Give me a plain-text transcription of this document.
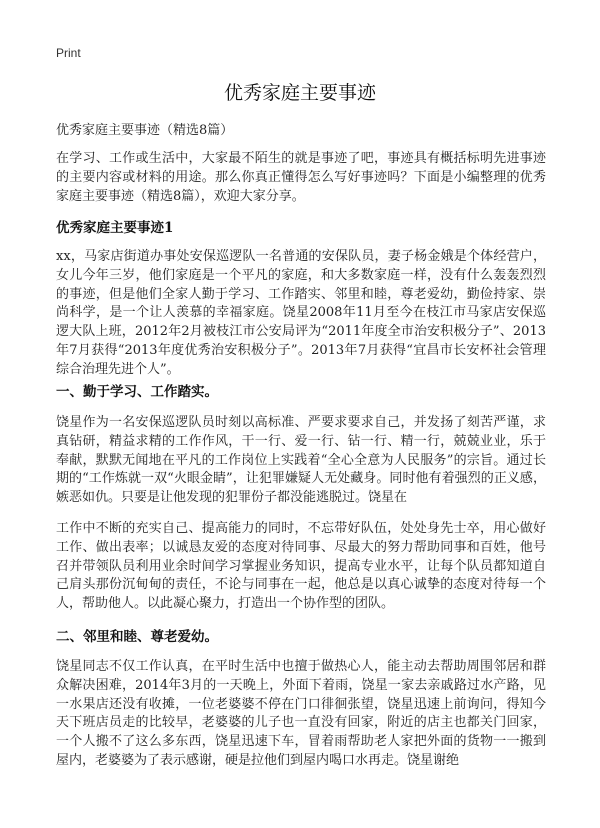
Print
优秀家庭主要事迹
优秀家庭主要事迹（精选8篇）
在学习、工作或生活中，大家最不陌生的就是事迹了吧，事迹具有概括标明先进事迹的主要内容或材料的用途。那么你真正懂得怎么写好事迹吗？下面是小编整理的优秀家庭主要事迹（精选8篇），欢迎大家分享。
优秀家庭主要事迹1
xx，马家店街道办事处安保巡逻队一名普通的安保队员，妻子杨金娥是个体经营户，女儿今年三岁，他们家庭是一个平凡的家庭，和大多数家庭一样，没有什么轰轰烈烈的事迹，但是他们全家人勤于学习、工作踏实、邻里和睦，尊老爱幼，勤俭持家、崇尚科学，是一个让人羡慕的幸福家庭。饶星2008年11月至今在枝江市马家店安保巡逻大队上班，2012年2月被枝江市公安局评为“2011年度全市治安积极分子”、2013年7月获得“2013年度优秀治安积极分子”。2013年7月获得“宜昌市长安杯社会管理综合治理先进个人”。
一、勤于学习、工作踏实。
饶星作为一名安保巡逻队员时刻以高标准、严要求要求自己，并发扬了刻苦严谨，求真钻研，精益求精的工作作风，干一行、爱一行、钻一行、精一行，兢兢业业，乐于奉献，默默无闻地在平凡的工作岗位上实践着“全心全意为人民服务”的宗旨。通过长期的“工作炼就一双“火眼金睛”，让犯罪嫌疑人无处藏身。同时他有着强烈的正义感，嫉恶如仇。只要是让他发现的犯罪份子都没能逃脱过。饶星在
工作中不断的充实自己、提高能力的同时，不忘带好队伍，处处身先士卒，用心做好工作、做出表率；以诚恳友爱的态度对待同事、尽最大的努力帮助同事和百姓，他号召并带领队员利用业余时间学习掌握业务知识，提高专业水平，让每个队员都知道自己肩头那份沉甸甸的责任，不论与同事在一起，他总是以真心诚挚的态度对待每一个人，帮助他人。以此凝心聚力，打造出一个协作型的团队。
二、邻里和睦、尊老爱幼。
饶星同志不仅工作认真，在平时生活中也擅于做热心人，能主动去帮助周围邻居和群众解决困难，2014年3月的一天晚上，外面下着雨，饶星一家去亲戚路过水产路，见一水果店还没有收摊，一位老婆婆不停在门口徘徊张望，饶星迅速上前询问，得知今天下班店员走的比较早，老婆婆的儿子也一直没有回家，附近的店主也都关门回家，一个人搬不了这么多东西，饶星迅速下车，冒着雨帮助老人家把外面的货物一一搬到屋内，老婆婆为了表示感谢，硬是拉他们到屋内喝口水再走。饶星谢绝
